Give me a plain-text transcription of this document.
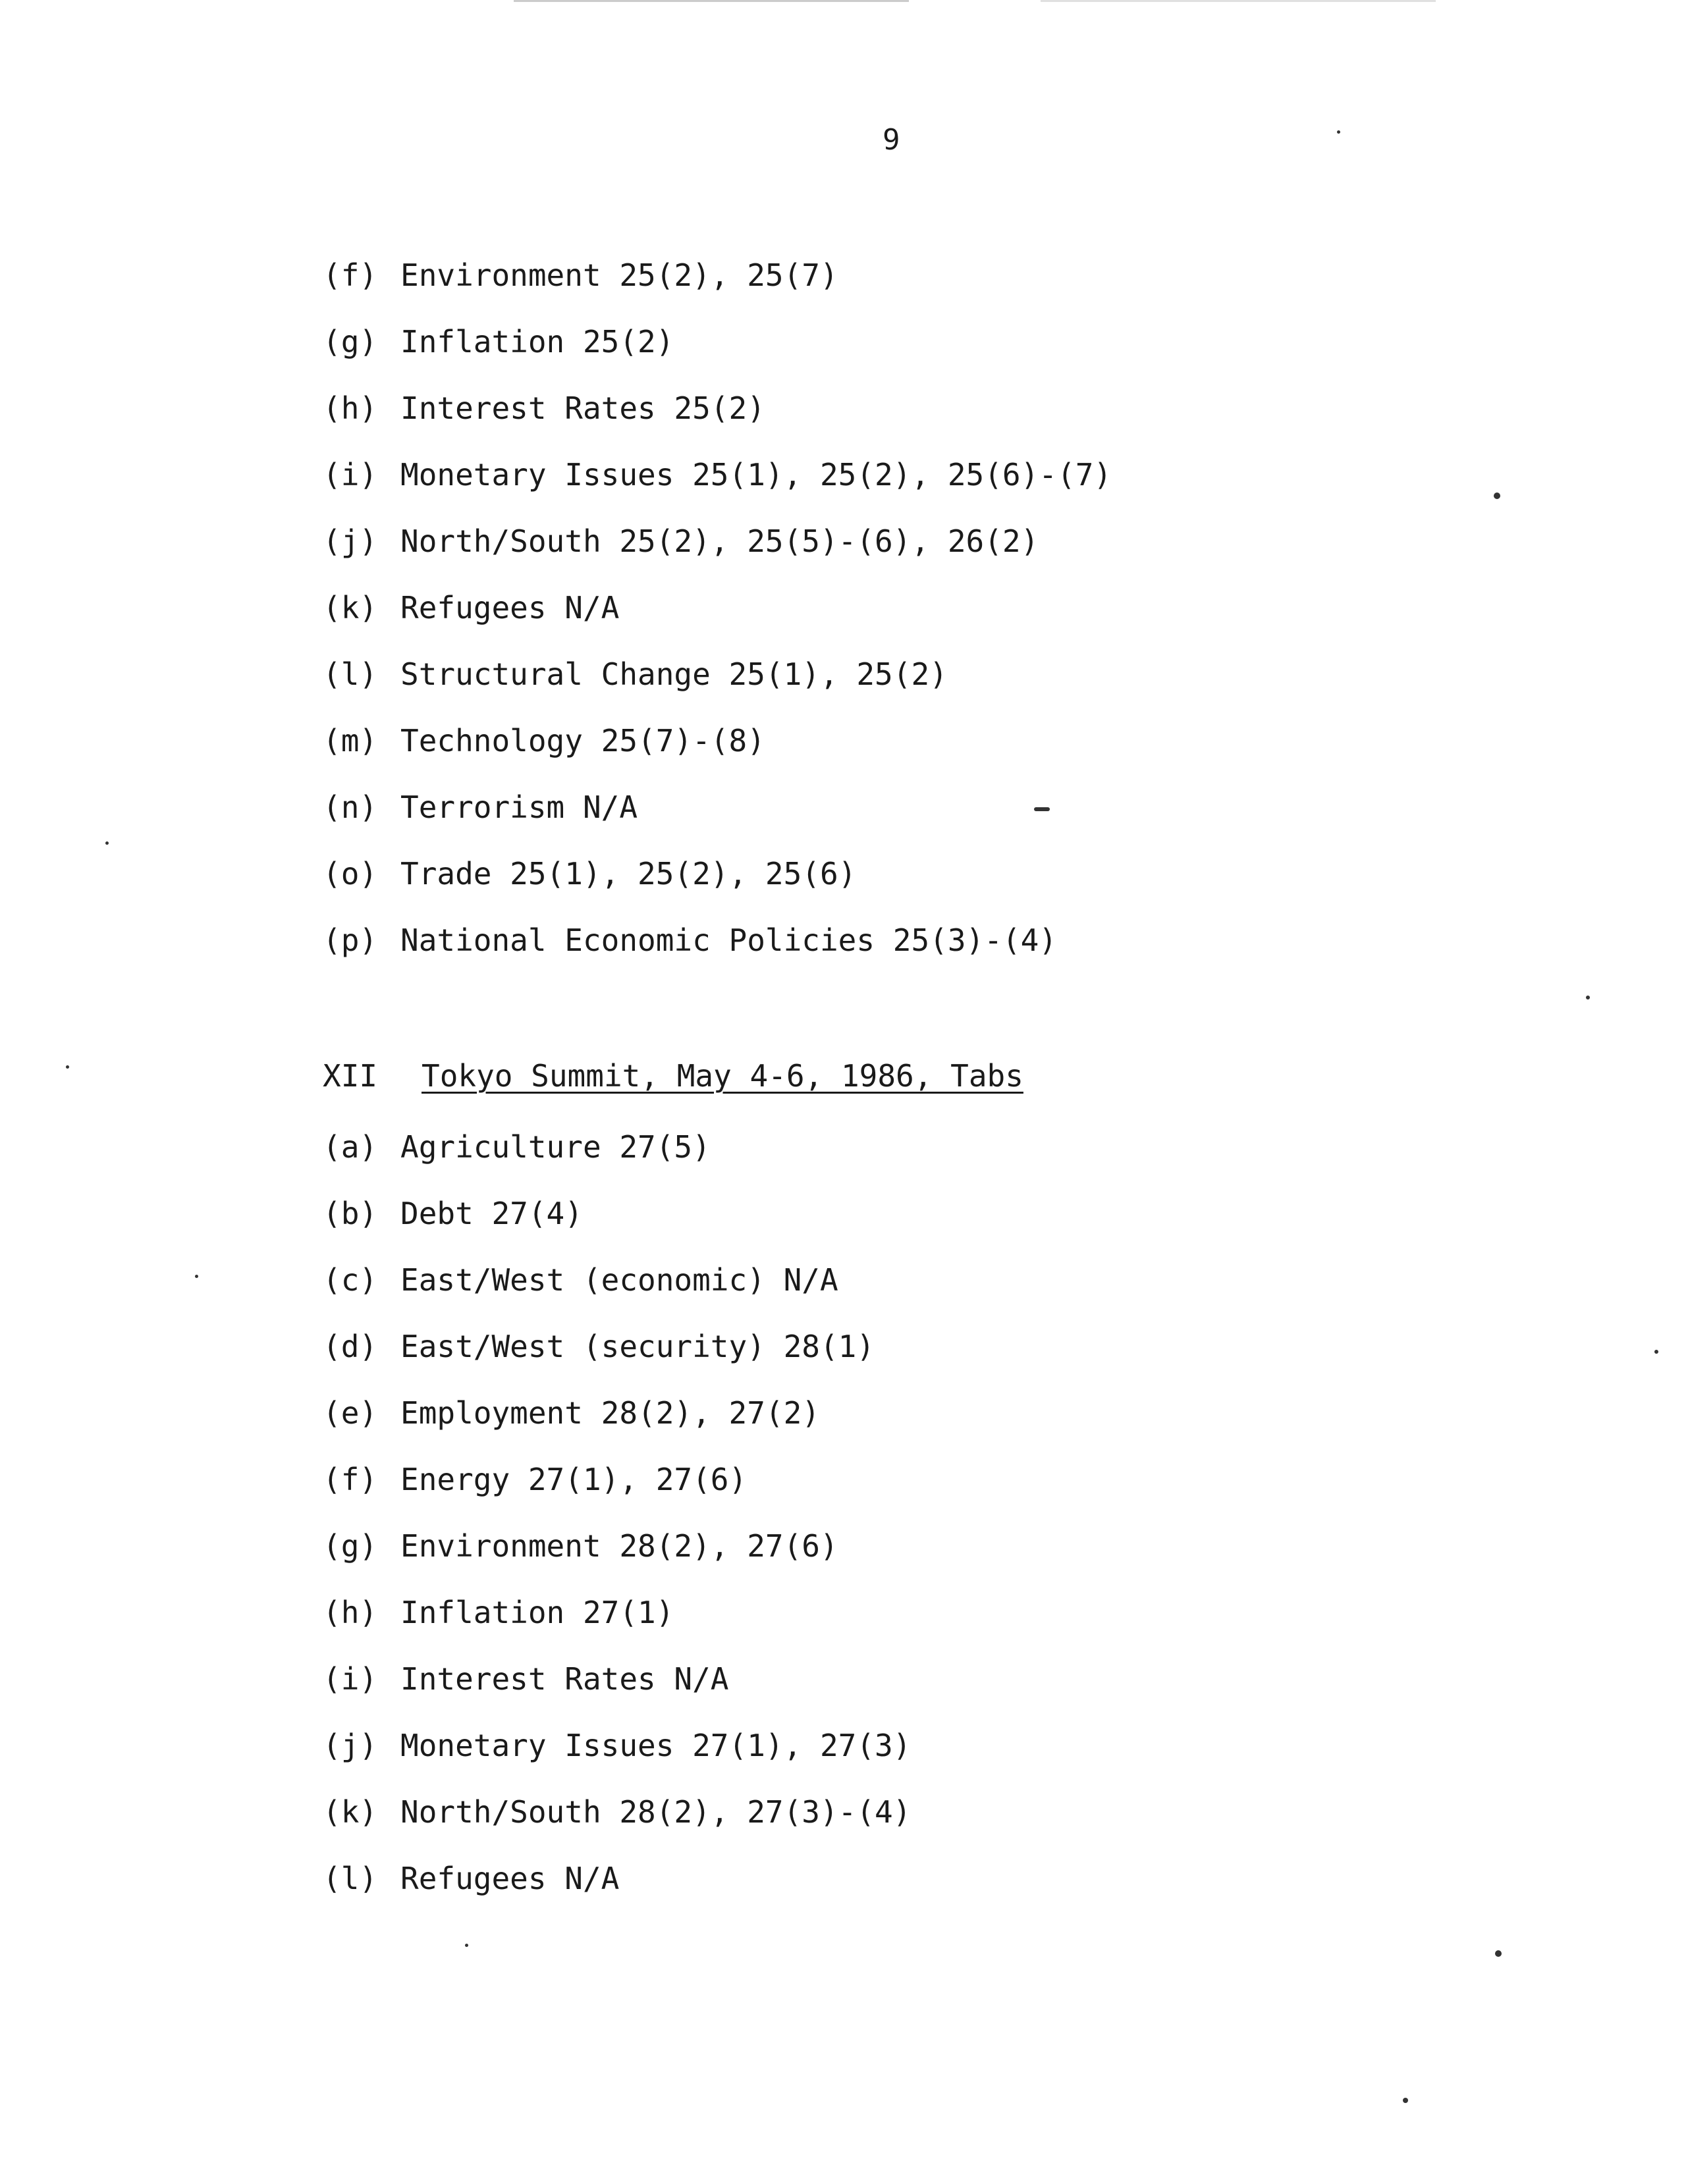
9
(f) Environment 25(2), 25(7)
(g) Inflation 25(2)
(h) Interest Rates 25(2)
(i) Monetary Issues 25(1), 25(2), 25(6)-(7)
(j) North/South 25(2), 25(5)-(6), 26(2)
(k) Refugees N/A
(l) Structural Change 25(1), 25(2)
(m) Technology 25(7)-(8)
(n) Terrorism N/A
(o) Trade 25(1), 25(2), 25(6)
(p) National Economic Policies 25(3)-(4)
XII Tokyo Summit, May 4-6, 1986, Tabs
(a) Agriculture 27(5)
(b) Debt 27(4)
(c) East/West (economic) N/A
(d) East/West (security) 28(1)
(e) Employment 28(2), 27(2)
(f) Energy 27(1), 27(6)
(g) Environment 28(2), 27(6)
(h) Inflation 27(1)
(i) Interest Rates N/A
(j) Monetary Issues 27(1), 27(3)
(k) North/South 28(2), 27(3)-(4)
(l) Refugees N/A
